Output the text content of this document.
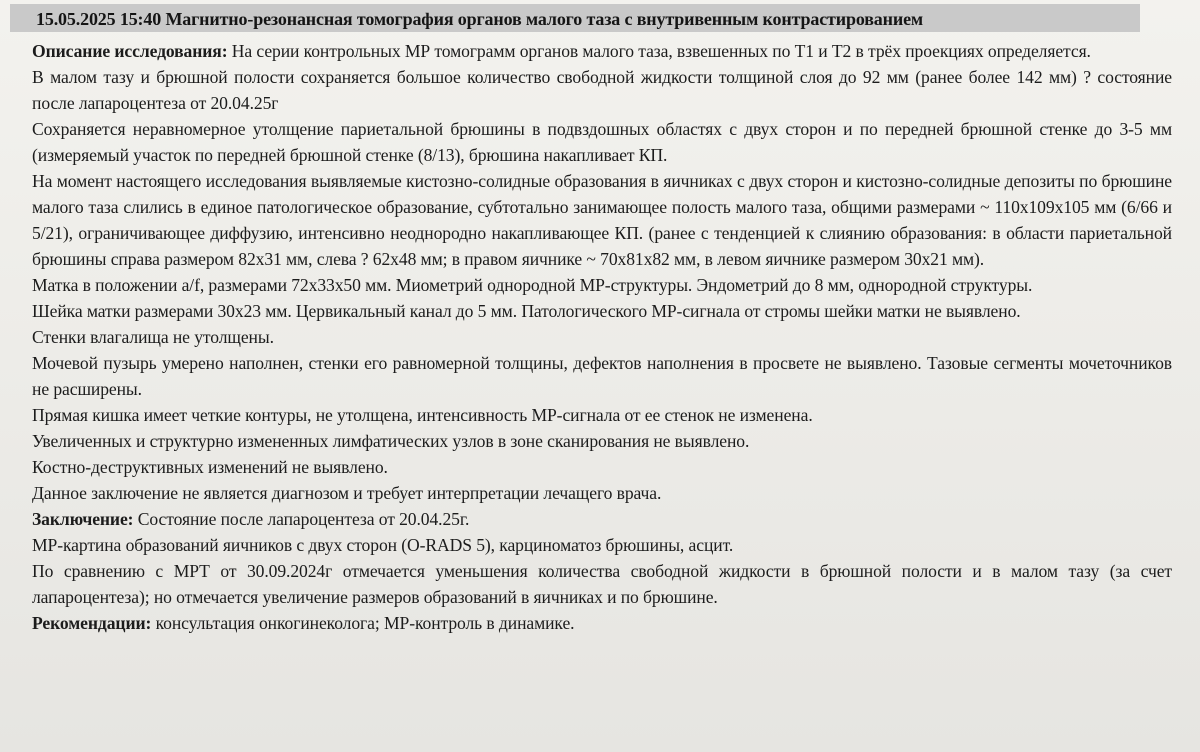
15.05.2025 15:40 Магнитно-резонансная томография органов малого таза с внутривенным контрастированием

Описание исследования: На серии контрольных МР томограмм органов малого таза, взвешенных по Т1 и Т2 в трёх проекциях определяется.

В малом тазу и брюшной полости сохраняется большое количество свободной жидкости толщиной слоя до 92 мм (ранее более 142 мм) ? состояние после лапароцентеза от 20.04.25г

Сохраняется неравномерное утолщение париетальной брюшины в подвздошных областях с двух сторон и по передней брюшной стенке до 3-5 мм (измеряемый участок по передней брюшной стенке (8/13), брюшина накапливает КП.

На момент настоящего исследования выявляемые кистозно-солидные образования в яичниках с двух сторон и кистозно-солидные депозиты по брюшине малого таза слились в единое патологическое образование, субтотально занимающее полость малого таза, общими размерами ~ 110х109х105 мм (6/66 и 5/21), ограничивающее диффузию, интенсивно неоднородно накапливающее КП. (ранее с тенденцией к слиянию образования: в области париетальной брюшины справа размером 82х31 мм, слева ? 62х48 мм; в правом яичнике ~ 70х81х82 мм, в левом яичнике размером 30х21 мм).

Матка в положении a/f, размерами 72х33х50 мм. Миометрий однородной МР-структуры. Эндометрий до 8 мм, однородной структуры.

Шейка матки размерами 30х23 мм. Цервикальный канал до 5 мм. Патологического МР-сигнала от стромы шейки матки не выявлено.

Стенки влагалища не утолщены.

Мочевой пузырь умерено наполнен, стенки его равномерной толщины, дефектов наполнения в просвете не выявлено. Тазовые сегменты мочеточников не расширены.

Прямая кишка имеет четкие контуры, не утолщена, интенсивность МР-сигнала от ее стенок не изменена.

Увеличенных и структурно измененных лимфатических узлов в зоне сканирования не выявлено.

Костно-деструктивных изменений не выявлено.

Данное заключение не является диагнозом и требует интерпретации лечащего врача.

Заключение: Состояние после лапароцентеза от 20.04.25г.

МР-картина образований яичников с двух сторон (O-RADS 5), карциноматоз брюшины, асцит.

По сравнению с МРТ от 30.09.2024г отмечается уменьшения количества свободной жидкости в брюшной полости и в малом тазу (за счет лапароцентеза); но отмечается увеличение размеров образований в яичниках и по брюшине.

Рекомендации: консультация онкогинеколога; МР-контроль в динамике.
